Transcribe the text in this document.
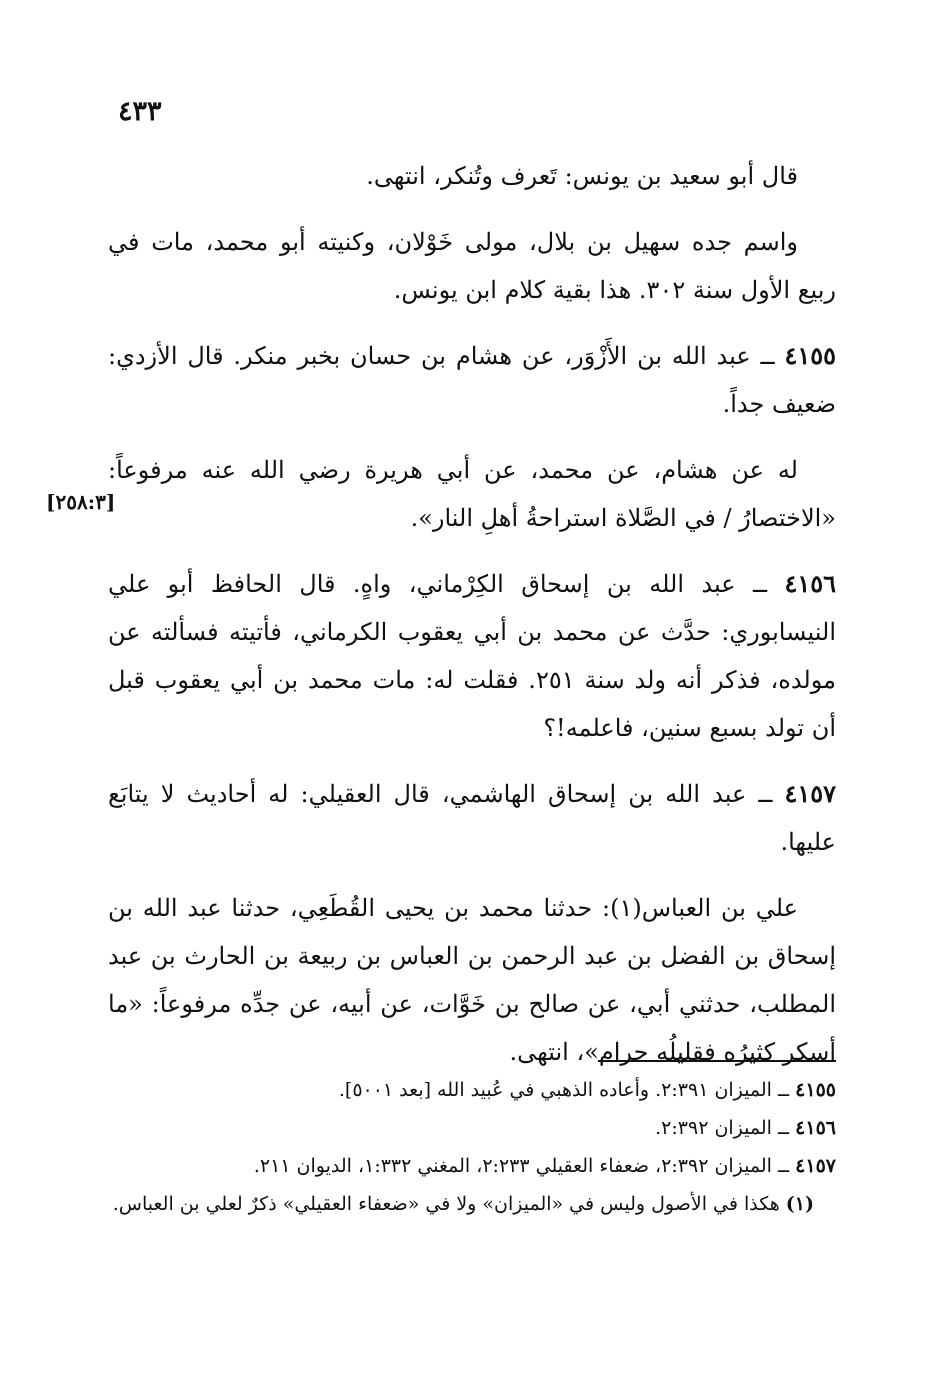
٤٣٣
[٢٥٨:٣]

قال أبو سعيد بن يونس: تَعرف وتُنكر، انتهى.

واسم جده سهيل بن بلال، مولى خَوْلان، وكنيته أبو محمد، مات في ربيع الأول سنة ٣٠٢. هذا بقية كلام ابن يونس.

٤١٥٥ ــ عبد الله بن الأَزْوَر، عن هشام بن حسان بخبر منكر. قال الأزدي: ضعيف جداً.

له عن هشام، عن محمد، عن أبي هريرة رضي الله عنه مرفوعاً: «الاختصارُ / في الصَّلاة استراحةُ أهلِ النار».

٤١٥٦ ــ عبد الله بن إسحاق الكِرْماني، واهٍ. قال الحافظ أبو علي النيسابوري: حدَّث عن محمد بن أبي يعقوب الكرماني، فأتيته فسألته عن مولده، فذكر أنه ولد سنة ٢٥١. فقلت له: مات محمد بن أبي يعقوب قبل أن تولد بسبع سنين، فاعلمه!؟

٤١٥٧ ــ عبد الله بن إسحاق الهاشمي، قال العقيلي: له أحاديث لا يتابَع عليها.

علي بن العباس(١): حدثنا محمد بن يحيى القُطَعِي، حدثنا عبد الله بن إسحاق بن الفضل بن عبد الرحمن بن العباس بن ربيعة بن الحارث بن عبد المطلب، حدثني أبي، عن صالح بن خَوَّات، عن أبيه، عن جدِّه مرفوعاً: «ما أسكر كثيرُه فقليلُه حرام»، انتهى.

٤١٥٥ ــ الميزان ٢:٣٩١. وأعاده الذهبي في عُبيد الله [بعد ٥٠٠١].

٤١٥٦ ــ الميزان ٢:٣٩٢.

٤١٥٧ ــ الميزان ٢:٣٩٢، ضعفاء العقيلي ٢:٢٣٣، المغني ١:٣٣٢، الديوان ٢١١.

(١) هكذا في الأصول وليس في «الميزان» ولا في «ضعفاء العقيلي» ذكرٌ لعلي بن العباس.
